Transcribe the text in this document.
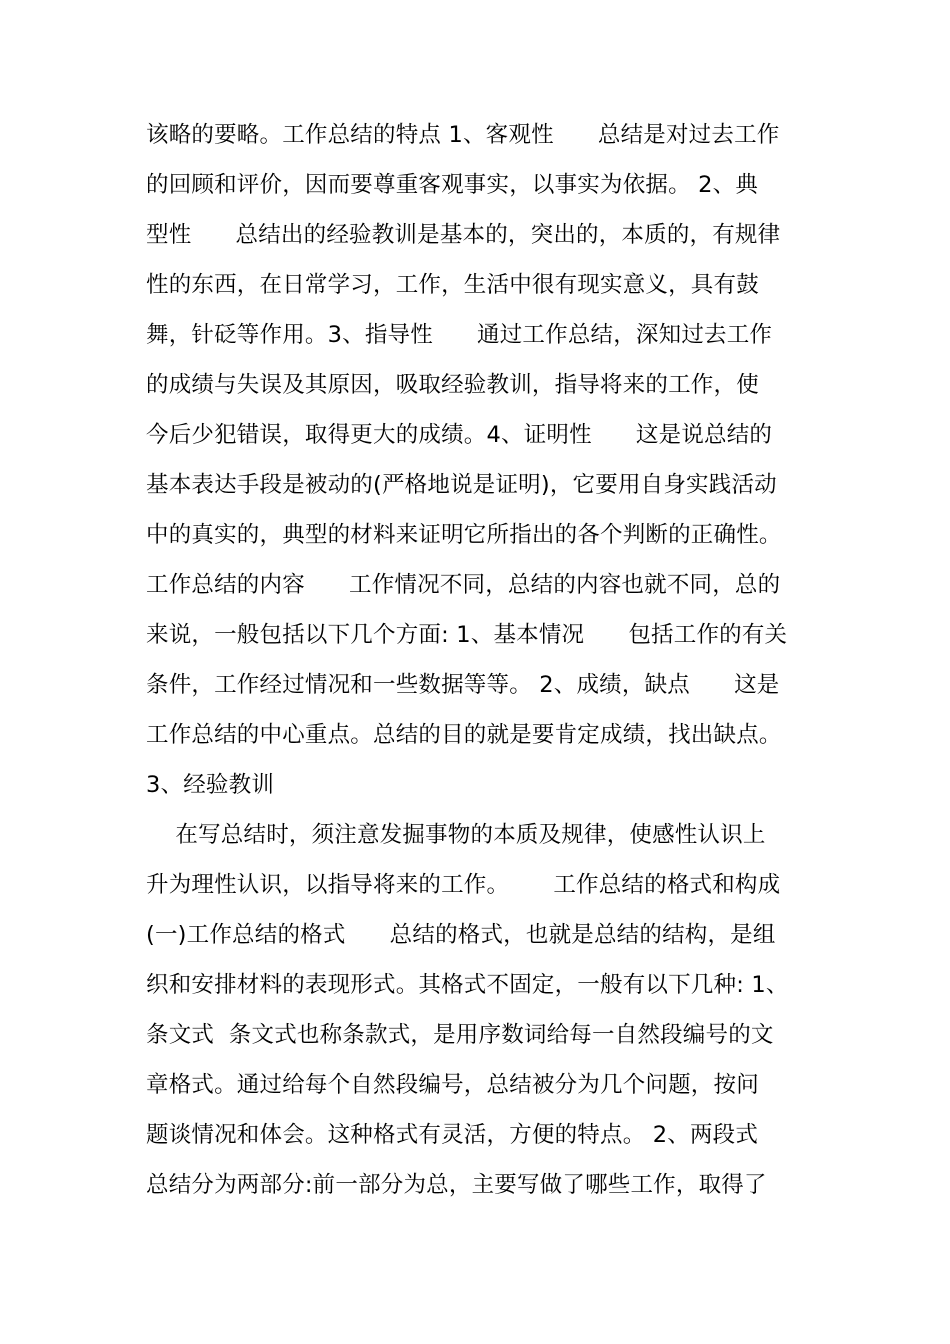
该略的要略。工作总结的特点 1、客观性      总结是对过去工作
的回顾和评价，因而要尊重客观事实，以事实为依据。 2、典
型性      总结出的经验教训是基本的，突出的，本质的，有规律
性的东西，在日常学习，工作，生活中很有现实意义，具有鼓
舞，针砭等作用。3、指导性      通过工作总结，深知过去工作
的成绩与失误及其原因，吸取经验教训，指导将来的工作，使
今后少犯错误，取得更大的成绩。4、证明性      这是说总结的
基本表达手段是被动的(严格地说是证明)，它要用自身实践活动
中的真实的，典型的材料来证明它所指出的各个判断的正确性。
工作总结的内容      工作情况不同，总结的内容也就不同，总的
来说，一般包括以下几个方面: 1、基本情况      包括工作的有关
条件，工作经过情况和一些数据等等。 2、成绩，缺点      这是
工作总结的中心重点。总结的目的就是要肯定成绩，找出缺点。
3、经验教训
在写总结时，须注意发掘事物的本质及规律，使感性认识上
升为理性认识，以指导将来的工作。      工作总结的格式和构成
(一)工作总结的格式      总结的格式，也就是总结的结构，是组
织和安排材料的表现形式。其格式不固定，一般有以下几种: 1、
条文式  条文式也称条款式，是用序数词给每一自然段编号的文
章格式。通过给每个自然段编号，总结被分为几个问题，按问
题谈情况和体会。这种格式有灵活，方便的特点。 2、两段式
总结分为两部分:前一部分为总，主要写做了哪些工作，取得了
